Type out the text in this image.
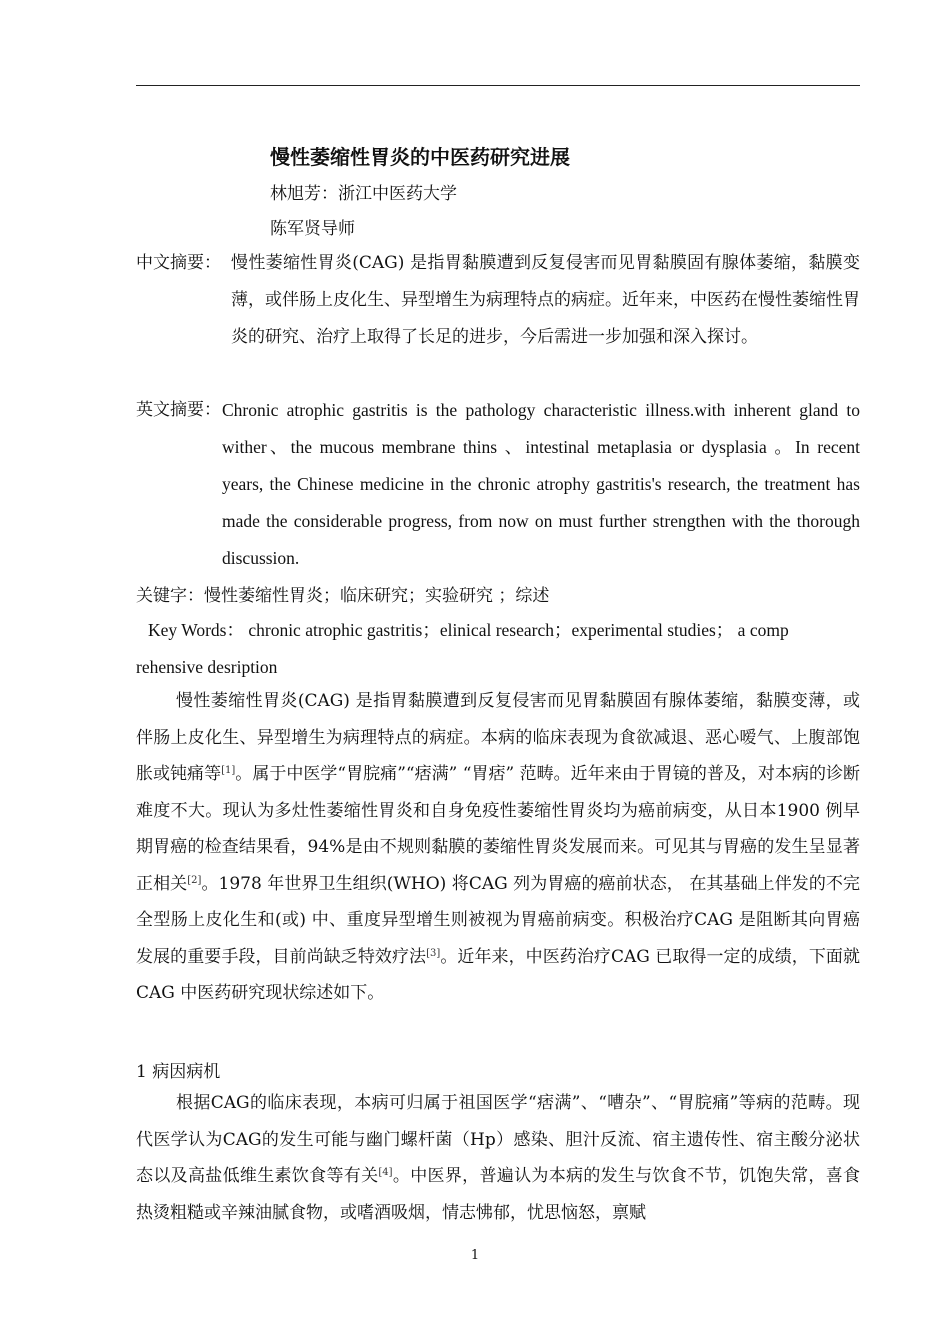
慢性萎缩性胃炎的中医药研究进展
林旭芳：浙江中医药大学
陈军贤导师
中文摘要： 慢性萎缩性胃炎(CAG) 是指胃黏膜遭到反复侵害而见胃黏膜固有腺体萎缩，黏膜变薄，或伴肠上皮化生、异型增生为病理特点的病症。近年来，中医药在慢性萎缩性胃炎的研究、治疗上取得了长足的进步，今后需进一步加强和深入探讨。
英文摘要： Chronic atrophic gastritis is the pathology characteristic illness.with inherent gland to wither、the mucous membrane thins 、intestinal metaplasia or dysplasia 。In recent years, the Chinese medicine in the chronic atrophy gastritis's research, the treatment has made the considerable progress, from now on must further strengthen with the thorough discussion.
关键字：慢性萎缩性胃炎；临床研究；实验研究 ；综述
Key Words： chronic atrophic gastritis；elinical research；experimental studies； a comp
rehensive desription
慢性萎缩性胃炎(CAG) 是指胃黏膜遭到反复侵害而见胃黏膜固有腺体萎缩，黏膜变薄，或伴肠上皮化生、异型增生为病理特点的病症。本病的临床表现为食欲减退、恶心嗳气、上腹部饱胀或钝痛等[1]。属于中医学“胃脘痛”“痞满” “胃痞” 范畴。近年来由于胃镜的普及，对本病的诊断难度不大。现认为多灶性萎缩性胃炎和自身免疫性萎缩性胃炎均为癌前病变，从日本1900 例早期胃癌的检查结果看，94%是由不规则黏膜的萎缩性胃炎发展而来。可见其与胃癌的发生呈显著正相关[2]。1978 年世界卫生组织(WHO) 将CAG 列为胃癌的癌前状态， 在其基础上伴发的不完全型肠上皮化生和(或) 中、重度异型增生则被视为胃癌前病变。积极治疗CAG 是阻断其向胃癌发展的重要手段，目前尚缺乏特效疗法[3]。近年来，中医药治疗CAG 已取得一定的成绩，下面就CAG 中医药研究现状综述如下。
1 病因病机
根据CAG的临床表现，本病可归属于祖国医学“痞满”、“嘈杂”、“胃脘痛”等病的范畴。现代医学认为CAG的发生可能与幽门螺杆菌（Hp）感染、胆汁反流、宿主遗传性、宿主酸分泌状态以及高盐低维生素饮食等有关[4]。中医界，普遍认为本病的发生与饮食不节，饥饱失常，喜食热烫粗糙或辛辣油腻食物，或嗜酒吸烟，情志怫郁，忧思恼怒，禀赋
1
